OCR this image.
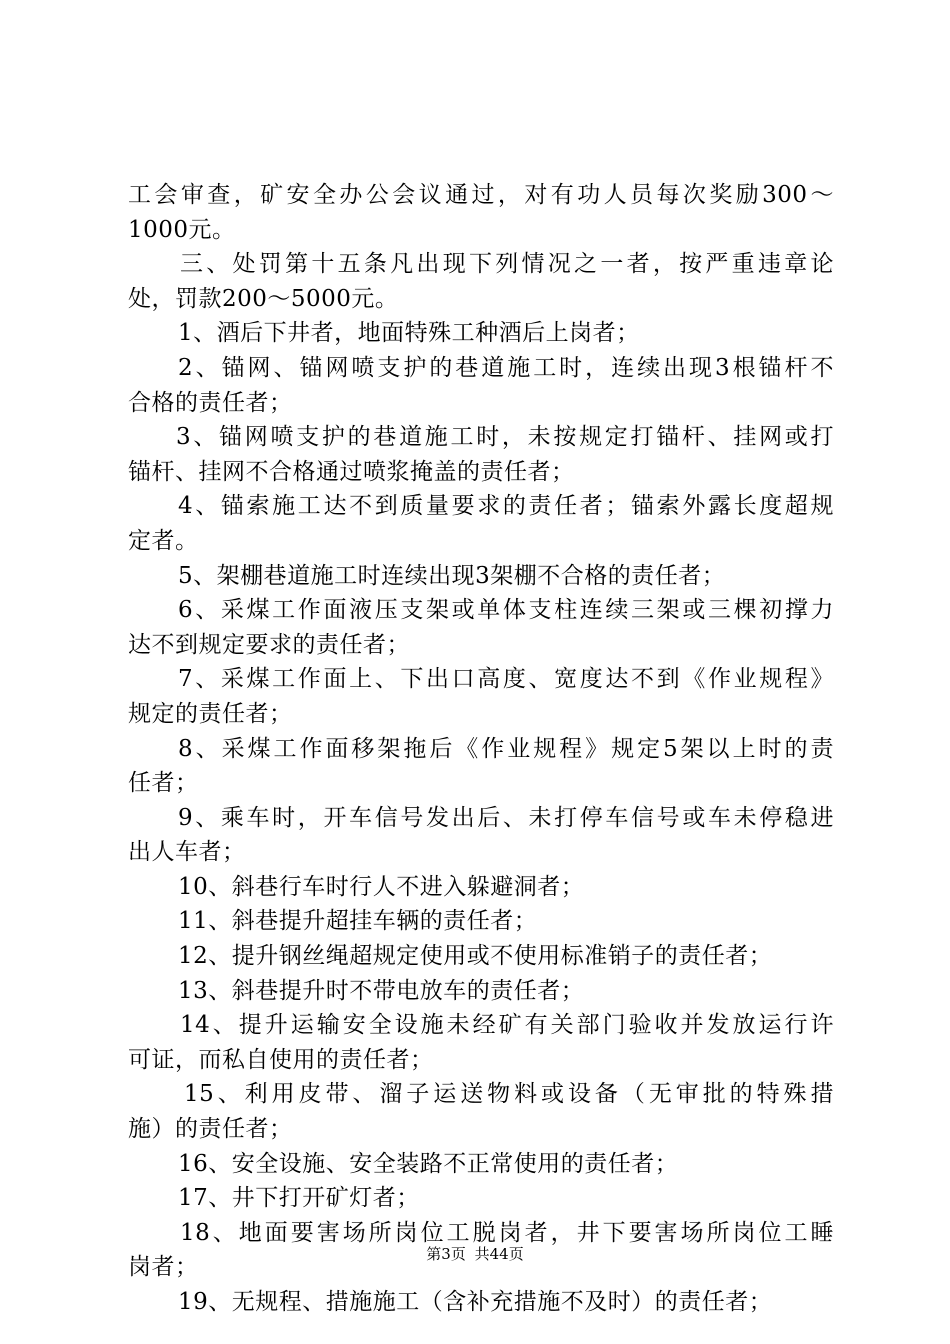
工会审查，矿安全办公会议通过，对有功人员每次奖励300～
1000元。
三、处罚第十五条凡出现下列情况之一者，按严重违章论
处，罚款200～5000元。
1、酒后下井者，地面特殊工种酒后上岗者；
2、锚网、锚网喷支护的巷道施工时，连续出现3根锚杆不
合格的责任者；
3、锚网喷支护的巷道施工时，未按规定打锚杆、挂网或打
锚杆、挂网不合格通过喷浆掩盖的责任者；
4、锚索施工达不到质量要求的责任者；锚索外露长度超规
定者。
5、架棚巷道施工时连续出现3架棚不合格的责任者；
6、采煤工作面液压支架或单体支柱连续三架或三棵初撑力
达不到规定要求的责任者；
7、采煤工作面上、下出口高度、宽度达不到《作业规程》
规定的责任者；
8、采煤工作面移架拖后《作业规程》规定5架以上时的责
任者；
9、乘车时，开车信号发出后、未打停车信号或车未停稳进
出人车者；
10、斜巷行车时行人不进入躲避洞者；
11、斜巷提升超挂车辆的责任者；
12、提升钢丝绳超规定使用或不使用标准销子的责任者；
13、斜巷提升时不带电放车的责任者；
14、提升运输安全设施未经矿有关部门验收并发放运行许
可证，而私自使用的责任者；
15、利用皮带、溜子运送物料或设备（无审批的特殊措
施）的责任者；
16、安全设施、安全装路不正常使用的责任者；
17、井下打开矿灯者；
18、地面要害场所岗位工脱岗者，井下要害场所岗位工睡
岗者；
19、无规程、措施施工（含补充措施不及时）的责任者；
第3页 共44页
